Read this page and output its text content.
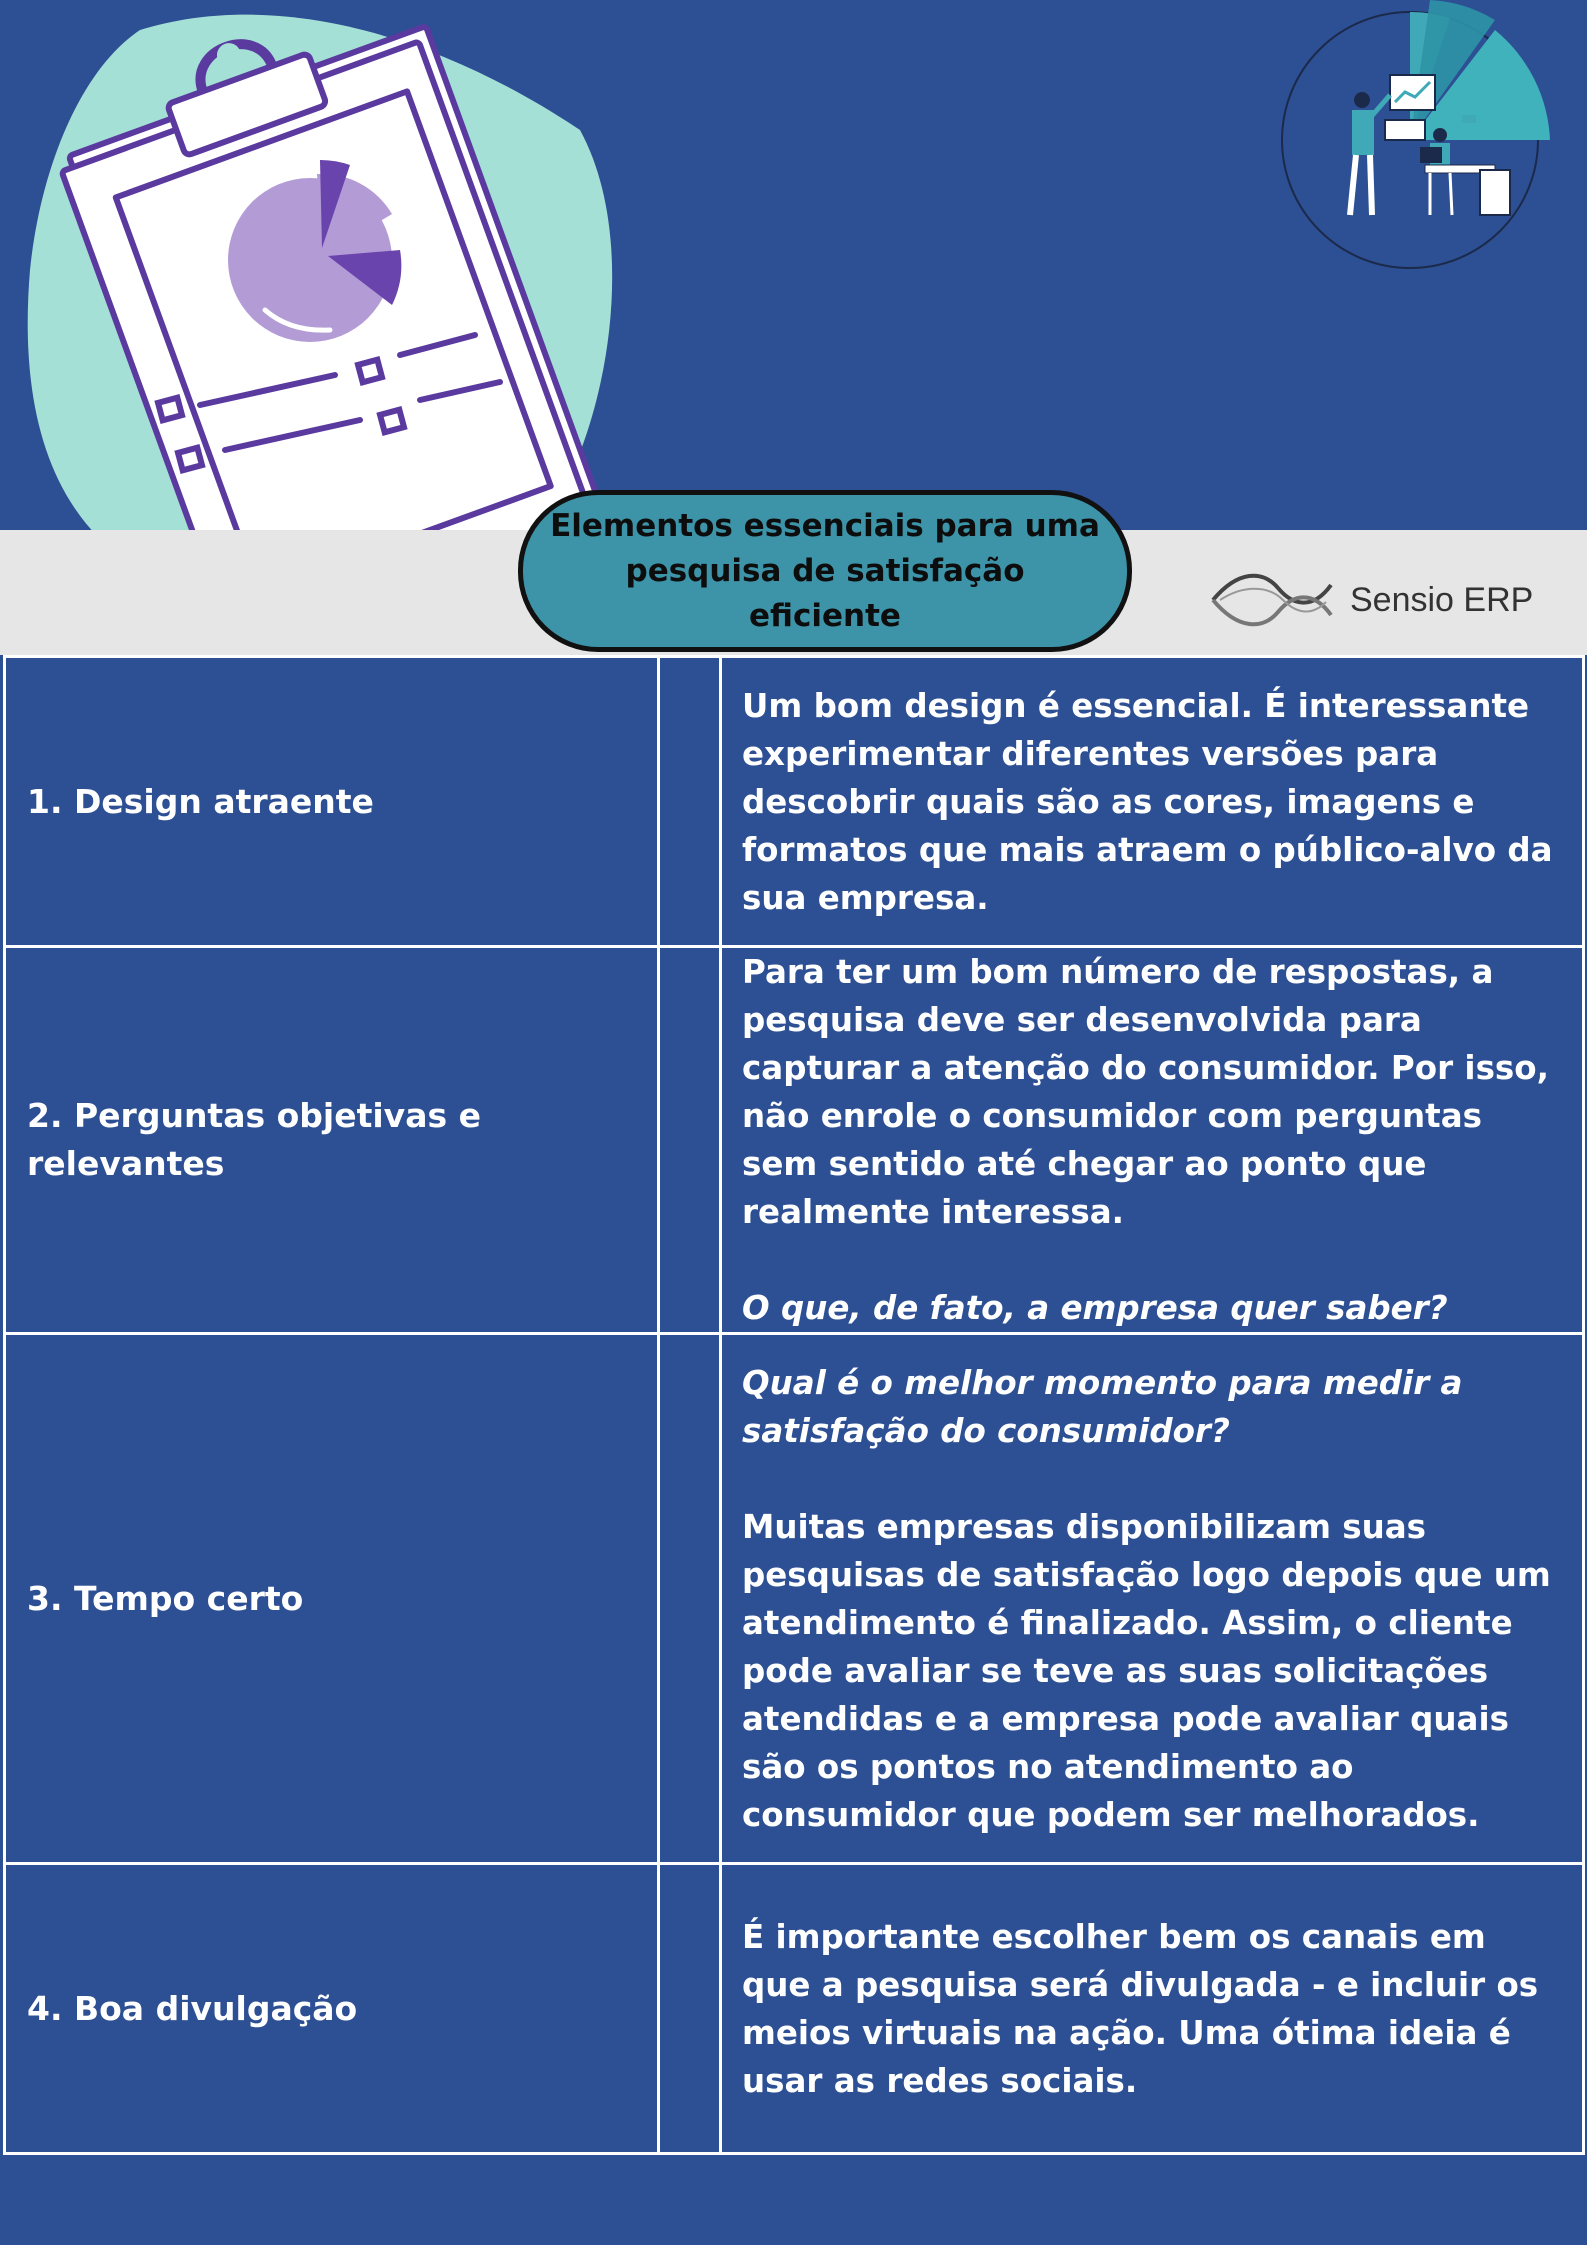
Elementos essenciais para uma
pesquisa de satisfação eficiente	Sensio ERP
1. Design atraente		Um bom design é essencial. É interessante experimentar diferentes versões para descobrir quais são as cores, imagens e formatos que mais atraem o público-alvo da sua empresa.

2. Perguntas objetivas e relevantes		Para ter um bom número de respostas, a pesquisa deve ser desenvolvida para capturar a atenção do consumidor. Por isso, não enrole o consumidor com perguntas sem sentido até chegar ao ponto que realmente interessa.

O que, de fato, a empresa quer saber?

3. Tempo certo		Qual é o melhor momento para medir a satisfação do consumidor?

Muitas empresas disponibilizam suas pesquisas de satisfação logo depois que um atendimento é finalizado. Assim, o cliente pode avaliar se teve as suas solicitações atendidas e a empresa pode avaliar quais são os pontos no atendimento ao consumidor que podem ser melhorados.

4. Boa divulgação		É importante escolher bem os canais em que a pesquisa será divulgada - e incluir os meios virtuais na ação. Uma ótima ideia é usar as redes sociais.
